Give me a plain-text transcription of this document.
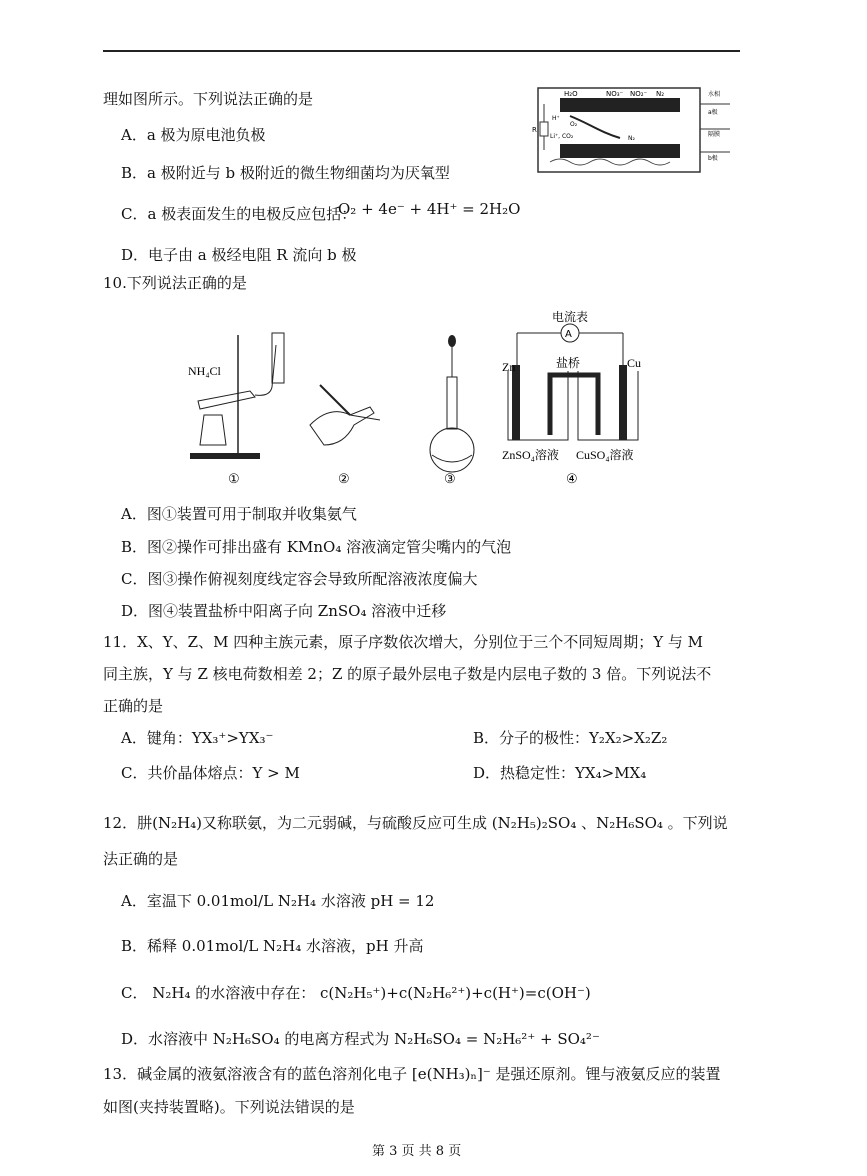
理如图所示。下列说法正确的是
A．a 极为原电池负极
B．a 极附近与 b 极附近的微生物细菌均为厌氧型
C．a 极表面发生的电极反应包括：
O₂ + 4e⁻ + 4H⁺ = 2H₂O
D．电子由 a 极经电阻 R 流向 b 极
H₂O	NO₃⁻ NO₂⁻ N₂
R
H⁺
O₂
Li⁺, CO₂	N₂
a极
隔膜
b极
水相
10.下列说法正确的是
NH₄Cl
①	②	③
电流表
A
盐桥
Zn	Cu
ZnSO₄溶液 CuSO₄溶液
④
A．图①装置可用于制取并收集氨气
B．图②操作可排出盛有 KMnO₄ 溶液滴定管尖嘴内的气泡
C．图③操作俯视刻度线定容会导致所配溶液浓度偏大
D．图④装置盐桥中阳离子向 ZnSO₄ 溶液中迁移
11．X、Y、Z、M 四种主族元素，原子序数依次增大，分别位于三个不同短周期；Y 与 M
同主族，Y 与 Z 核电荷数相差 2；Z 的原子最外层电子数是内层电子数的 3 倍。下列说法不
正确的是
A．键角：YX₃⁺>YX₃⁻	B．分子的极性：Y₂X₂>X₂Z₂
C．共价晶体熔点：Y > M	D．热稳定性：YX₄>MX₄
12．肼(N₂H₄)又称联氨，为二元弱碱，与硫酸反应可生成 (N₂H₅)₂SO₄ 、N₂H₆SO₄ 。下列说
法正确的是
A．室温下 0.01mol/L N₂H₄ 水溶液 pH = 12
B．稀释 0.01mol/L N₂H₄ 水溶液，pH 升高
C． N₂H₄ 的水溶液中存在： c(N₂H₅⁺)+c(N₂H₆²⁺)+c(H⁺)=c(OH⁻)
D．水溶液中 N₂H₆SO₄ 的电离方程式为 N₂H₆SO₄ = N₂H₆²⁺ + SO₄²⁻
13．碱金属的液氨溶液含有的蓝色溶剂化电子 [e(NH₃)ₙ]⁻ 是强还原剂。锂与液氨反应的装置
如图(夹持装置略)。下列说法错误的是
第 3 页 共 8 页
